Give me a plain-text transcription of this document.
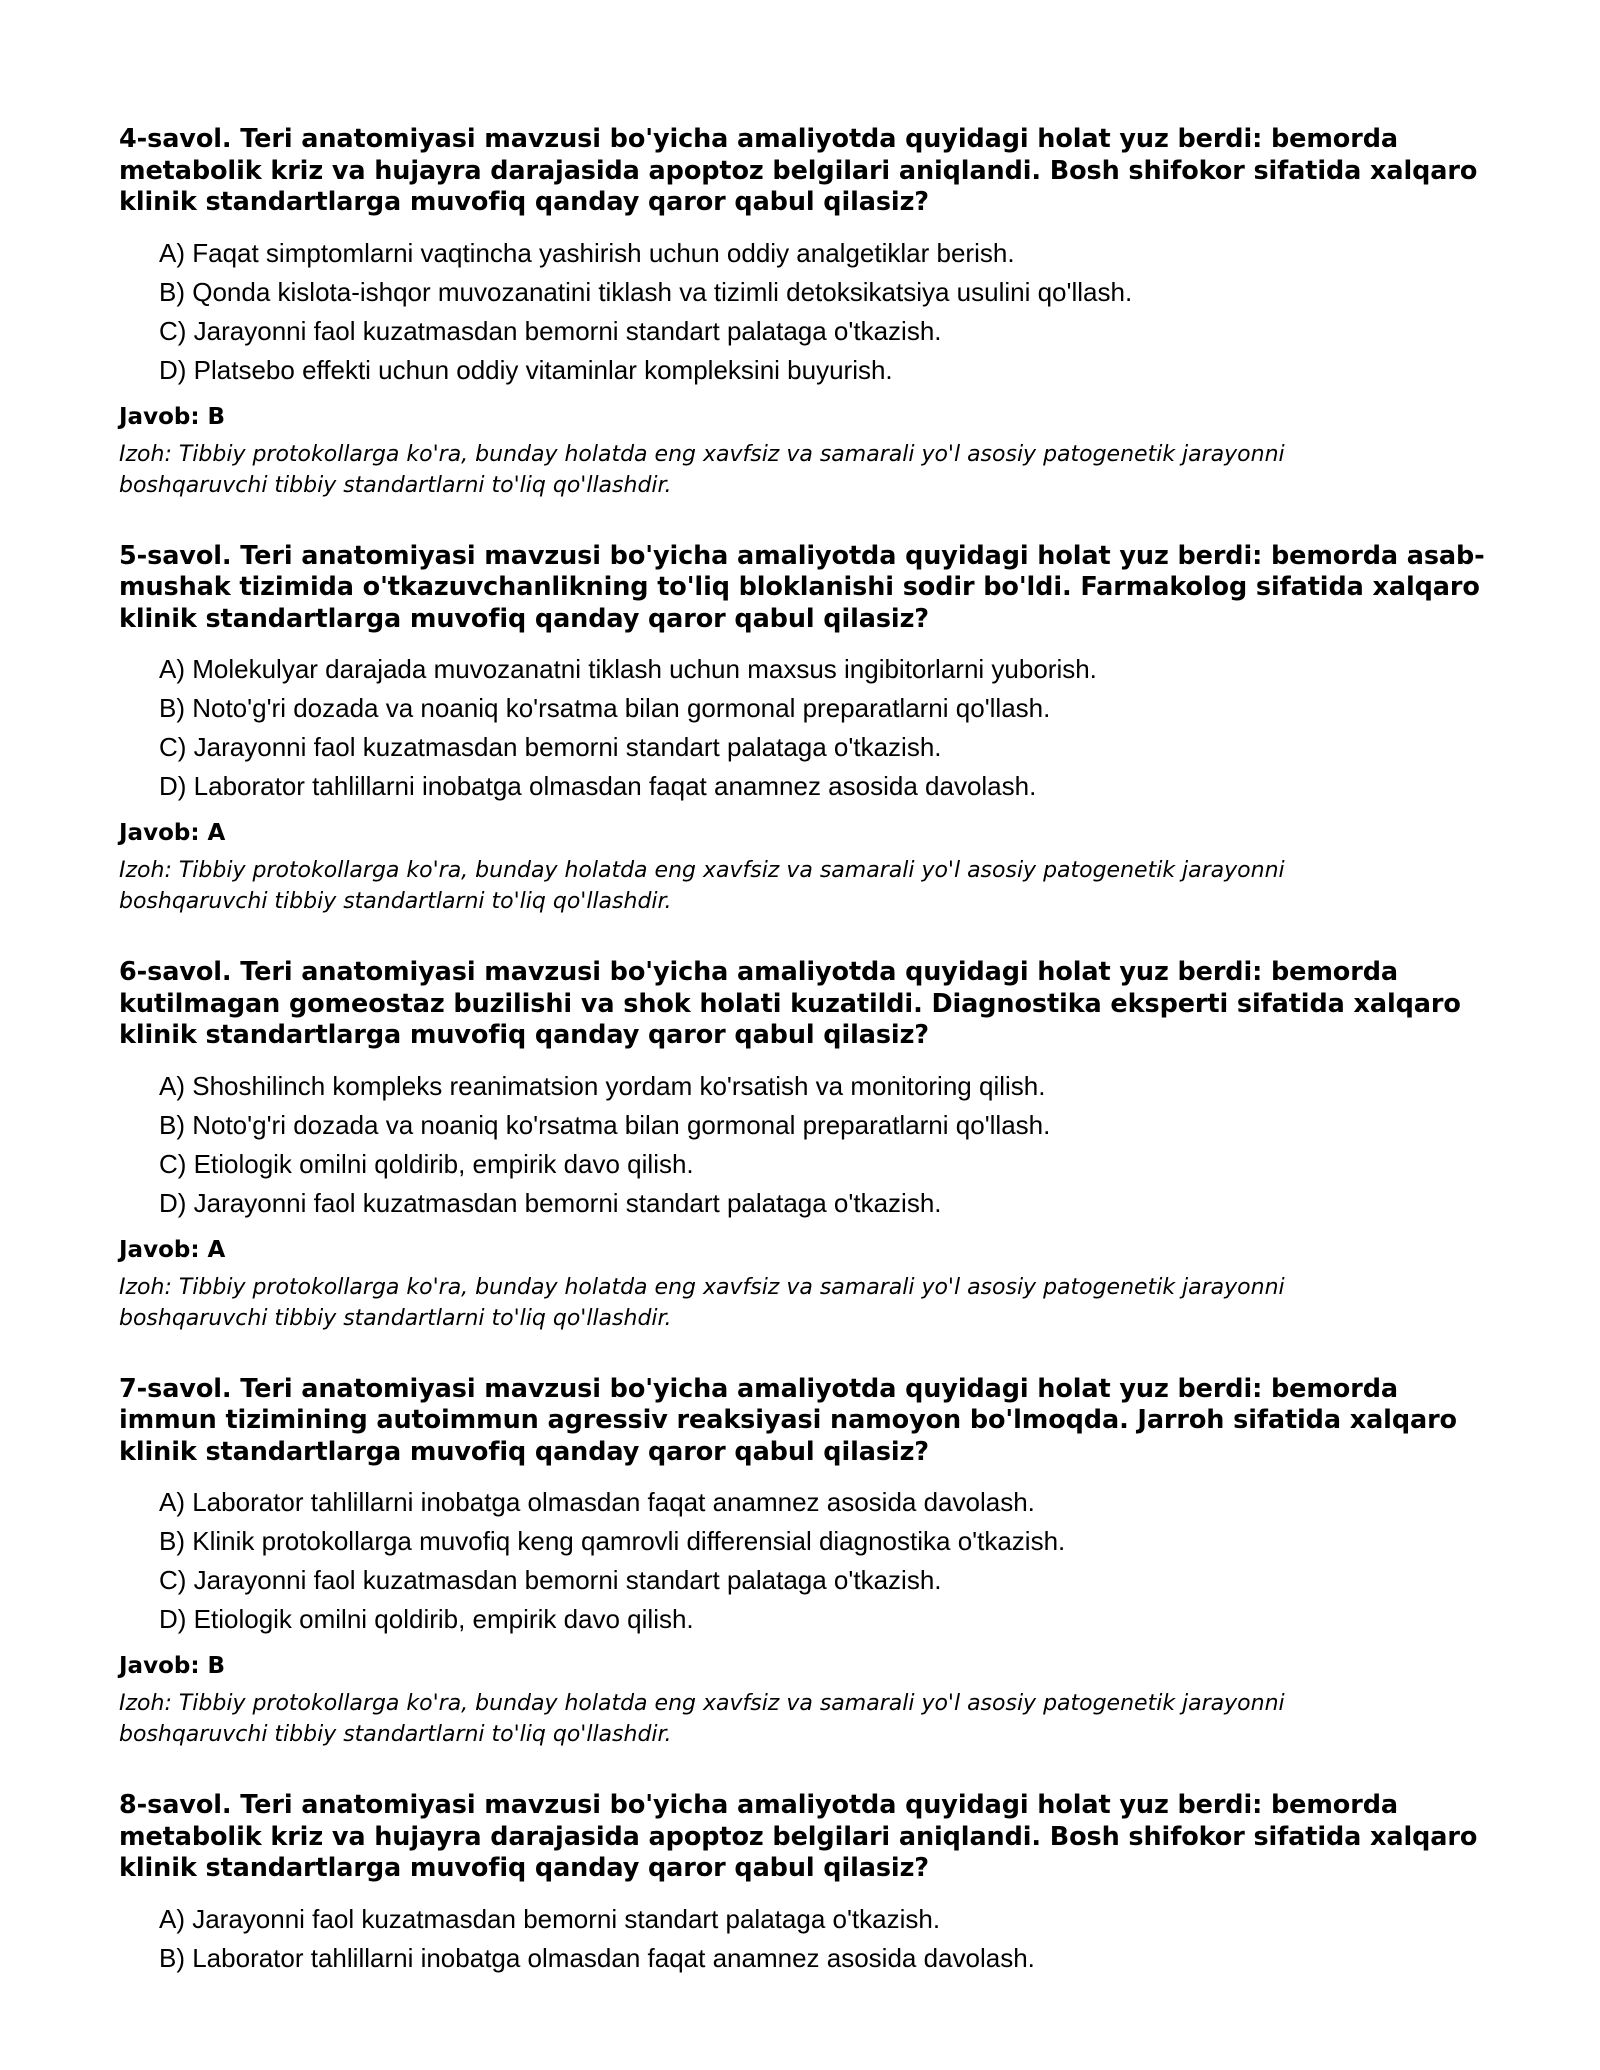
4-savol. Teri anatomiyasi mavzusi bo'yicha amaliyotda quyidagi holat yuz berdi: bemorda metabolik kriz va hujayra darajasida apoptoz belgilari aniqlandi. Bosh shifokor sifatida xalqaro klinik standartlarga muvofiq qanday qaror qabul qilasiz?

A) Faqat simptomlarni vaqtincha yashirish uchun oddiy analgetiklar berish.
B) Qonda kislota-ishqor muvozanatini tiklash va tizimli detoksikatsiya usulini qo'llash.
C) Jarayonni faol kuzatmasdan bemorni standart palataga o'tkazish.
D) Platsebo effekti uchun oddiy vitaminlar kompleksini buyurish.

Javob: B

Izoh: Tibbiy protokollarga ko'ra, bunday holatda eng xavfsiz va samarali yo'l asosiy patogenetik jarayonni boshqaruvchi tibbiy standartlarni to'liq qo'llashdir.

5-savol. Teri anatomiyasi mavzusi bo'yicha amaliyotda quyidagi holat yuz berdi: bemorda asab-mushak tizimida o'tkazuvchanlikning to'liq bloklanishi sodir bo'ldi. Farmakolog sifatida xalqaro klinik standartlarga muvofiq qanday qaror qabul qilasiz?

A) Molekulyar darajada muvozanatni tiklash uchun maxsus ingibitorlarni yuborish.
B) Noto'g'ri dozada va noaniq ko'rsatma bilan gormonal preparatlarni qo'llash.
C) Jarayonni faol kuzatmasdan bemorni standart palataga o'tkazish.
D) Laborator tahlillarni inobatga olmasdan faqat anamnez asosida davolash.

Javob: A

Izoh: Tibbiy protokollarga ko'ra, bunday holatda eng xavfsiz va samarali yo'l asosiy patogenetik jarayonni boshqaruvchi tibbiy standartlarni to'liq qo'llashdir.

6-savol. Teri anatomiyasi mavzusi bo'yicha amaliyotda quyidagi holat yuz berdi: bemorda kutilmagan gomeostaz buzilishi va shok holati kuzatildi. Diagnostika eksperti sifatida xalqaro klinik standartlarga muvofiq qanday qaror qabul qilasiz?

A) Shoshilinch kompleks reanimatsion yordam ko'rsatish va monitoring qilish.
B) Noto'g'ri dozada va noaniq ko'rsatma bilan gormonal preparatlarni qo'llash.
C) Etiologik omilni qoldirib, empirik davo qilish.
D) Jarayonni faol kuzatmasdan bemorni standart palataga o'tkazish.

Javob: A

Izoh: Tibbiy protokollarga ko'ra, bunday holatda eng xavfsiz va samarali yo'l asosiy patogenetik jarayonni boshqaruvchi tibbiy standartlarni to'liq qo'llashdir.

7-savol. Teri anatomiyasi mavzusi bo'yicha amaliyotda quyidagi holat yuz berdi: bemorda immun tizimining autoimmun agressiv reaksiyasi namoyon bo'lmoqda. Jarroh sifatida xalqaro klinik standartlarga muvofiq qanday qaror qabul qilasiz?

A) Laborator tahlillarni inobatga olmasdan faqat anamnez asosida davolash.
B) Klinik protokollarga muvofiq keng qamrovli differensial diagnostika o'tkazish.
C) Jarayonni faol kuzatmasdan bemorni standart palataga o'tkazish.
D) Etiologik omilni qoldirib, empirik davo qilish.

Javob: B

Izoh: Tibbiy protokollarga ko'ra, bunday holatda eng xavfsiz va samarali yo'l asosiy patogenetik jarayonni boshqaruvchi tibbiy standartlarni to'liq qo'llashdir.

8-savol. Teri anatomiyasi mavzusi bo'yicha amaliyotda quyidagi holat yuz berdi: bemorda metabolik kriz va hujayra darajasida apoptoz belgilari aniqlandi. Bosh shifokor sifatida xalqaro klinik standartlarga muvofiq qanday qaror qabul qilasiz?

A) Jarayonni faol kuzatmasdan bemorni standart palataga o'tkazish.
B) Laborator tahlillarni inobatga olmasdan faqat anamnez asosida davolash.
